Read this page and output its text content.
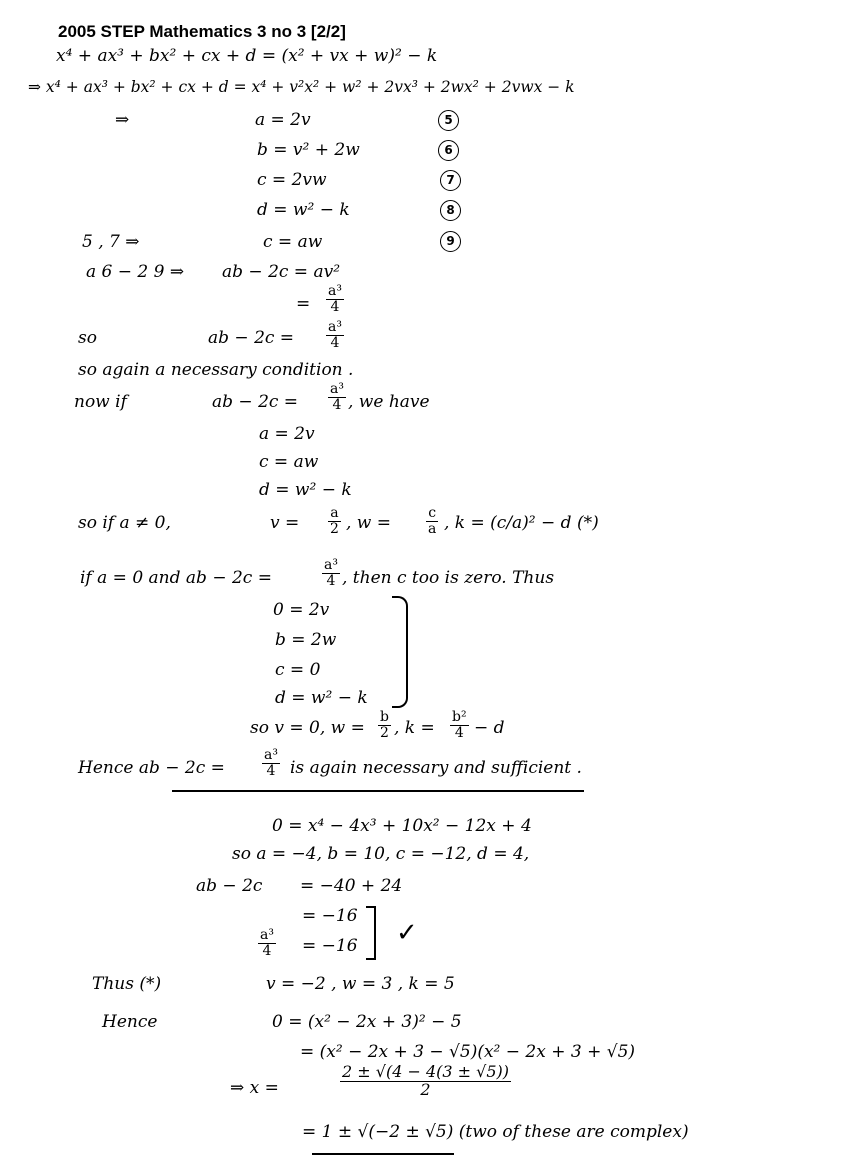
2005 STEP Mathematics 3 no 3 [2/2]
x⁴ + ax³ + bx² + cx + d = (x² + vx + w)² − k
⇒ x⁴ + ax³ + bx² + cx + d = x⁴ + v²x² + w² + 2vx³ + 2wx² + 2vwx − k
⇒	a = 2v	5
b = v² + 2w	6
c = 2vw	7
d = w² − k	8
5 , 7 ⇒	c = aw	9
a 6 − 2 9 ⇒ ab − 2c = av²
= $\frac{\text{a³}}{4}$
so	ab − $2c = \frac{\text{a³}}{4}$
so again a necessary condition .
now if	ab − $2c = \frac{\text{a³}}{4}$ , we have
a = 2v
c = aw
d = w² − k
so if a ≠ 0,	$v = \frac{a}{2}$ , $w = \frac{c}{a}$ , k = (c/a)² − d (*)
if a = 0 and ab − 2c =	$\frac{\text{a³}}{4}$ , then c too is zero. Thus
0 = 2v
b = 2w
c = 0
d = w² − k
so v = 0, $w = \frac{b}{2}$ , $k = \frac{\text{b²}}{4} - d$
Hence ab − 2c =	$\frac{\text{a³}}{4}$ is again necessary and sufficient .
0 = x⁴ − 4x³ + 10x² − 12x + 4
so a = −4, b = 10, c = −12, d = 4,
ab − 2c = −40 + 24
= −16
$\frac{\text{a³}}{4} = -16$ ✓
Thus (*)	v = −2 , w = 3 , k = 5
Hence	0 = (x² − 2x + 3)² − 5
= (x² − 2x + 3 − √5)(x² − 2x + 3 + √5)
⇒ x =	$\frac{2 \pm √(4 - 4(3 \pm √5))}{2}$
= 1 ± √(−2 ± √5) (two of these are complex)
